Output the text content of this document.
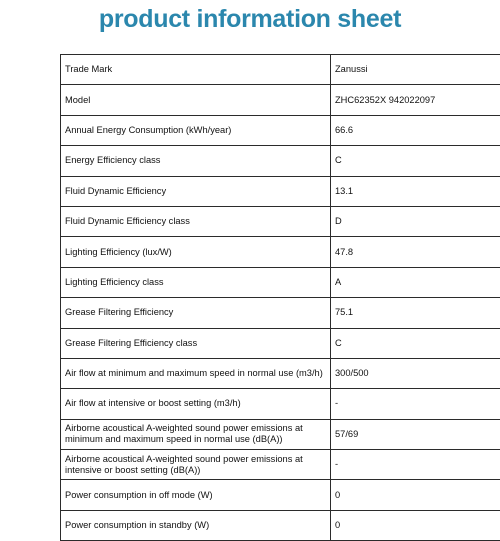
product information sheet
Trade Mark	Zanussi
Model	ZHC62352X 942022097
Annual Energy Consumption (kWh/year)	66.6
Energy Efficiency class	C
Fluid Dynamic Efficiency	13.1
Fluid Dynamic Efficiency class	D
Lighting Efficiency (lux/W)	47.8
Lighting Efficiency class	A
Grease Filtering Efficiency	75.1
Grease Filtering Efficiency class	C
Air flow at minimum and maximum speed in normal use (m3/h)	300/500
Air flow at intensive or boost setting (m3/h)	-
Airborne acoustical A-weighted sound power emissions at minimum and maximum speed in normal use (dB(A))	57/69
Airborne acoustical A-weighted sound power emissions at intensive or boost setting (dB(A))	-
Power consumption in off mode (W)	0
Power consumption in standby (W)	0
